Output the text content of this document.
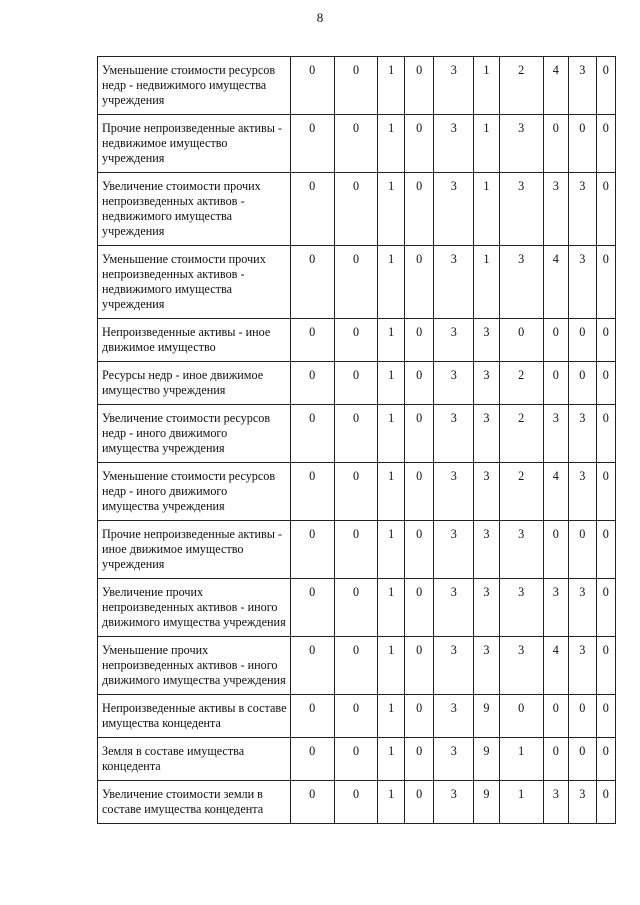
8
Уменьшение стоимости ресурсов недр - недвижимого имущества учреждения	0	0	1	0	3	1	2	4	3	0
Прочие непроизведенные активы - недвижимое имущество учреждения	0	0	1	0	3	1	3	0	0	0
Увеличение стоимости прочих непроизведенных активов - недвижимого имущества учреждения	0	0	1	0	3	1	3	3	3	0
Уменьшение стоимости прочих непроизведенных активов - недвижимого имущества учреждения	0	0	1	0	3	1	3	4	3	0
Непроизведенные активы - иное движимое имущество	0	0	1	0	3	3	0	0	0	0
Ресурсы недр - иное движимое имущество учреждения	0	0	1	0	3	3	2	0	0	0
Увеличение стоимости ресурсов недр - иного движимого имущества учреждения	0	0	1	0	3	3	2	3	3	0
Уменьшение стоимости ресурсов недр - иного движимого имущества учреждения	0	0	1	0	3	3	2	4	3	0
Прочие непроизведенные активы - иное движимое имущество учреждения	0	0	1	0	3	3	3	0	0	0
Увеличение прочих непроизведенных активов - иного движимого имущества учреждения	0	0	1	0	3	3	3	3	3	0
Уменьшение прочих непроизведенных активов - иного движимого имущества учреждения	0	0	1	0	3	3	3	4	3	0
Непроизведенные активы в составе имущества концедента	0	0	1	0	3	9	0	0	0	0
Земля в составе имущества концедента	0	0	1	0	3	9	1	0	0	0
Увеличение стоимости земли в составе имущества концедента	0	0	1	0	3	9	1	3	3	0
